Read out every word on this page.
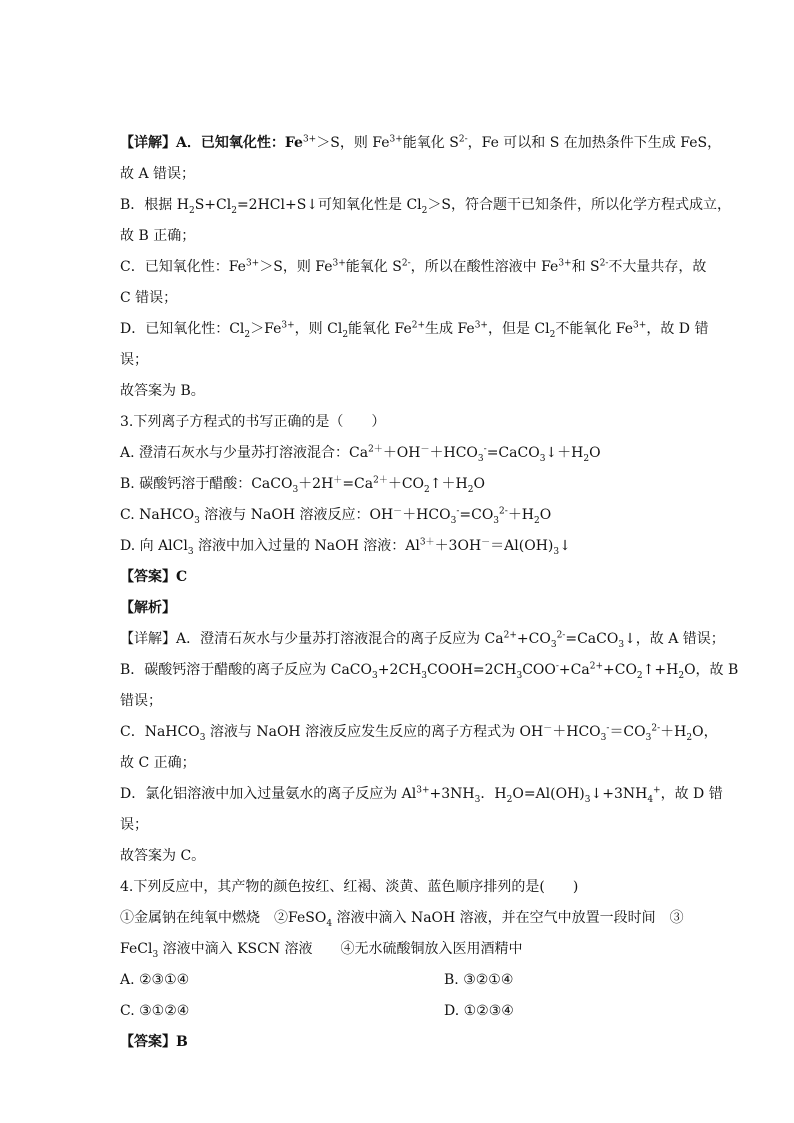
【详解】A．已知氧化性：$Fe^{3+}>S$，则 $Fe^{3+}$能氧化 $S^{2-}$，Fe 可以和 S 在加热条件下生成 FeS，
故 A 错误；
B．根据 $H_2S+Cl_2=2HCl+S↓$可知氧化性是 $Cl_2>S$，符合题干已知条件，所以化学方程式成立，
故 B 正确；
C．已知氧化性：$Fe^{3+}>S$，则 $Fe^{3+}$能氧化 $S^{2-}$，所以在酸性溶液中 $Fe^{3+}$和 $S^{2-}$不大量共存，故
C 错误；
D．已知氧化性：$Cl_2>Fe^{3+}$，则 $Cl_2$能氧化 $Fe^{2+}$生成 $Fe^{3+}$，但是 $Cl_2$不能氧化 $Fe^{3+}$，故 D 错
误；
故答案为 B。
3.下列离子方程式的书写正确的是（　　）
A. 澄清石灰水与少量苏打溶液混合：$Ca^{2+}+OH^-+HCO_3^-=CaCO_3↓+H_2O$
B. 碳酸钙溶于醋酸：$CaCO_3+2H^+=Ca^{2+}+CO_2↑+H_2O$
C. NaHCO$_3$ 溶液与 NaOH 溶液反应：$OH^-+HCO_3^-=CO_3^{2-}+H_2O$
D. 向 AlCl$_3$ 溶液中加入过量的 NaOH 溶液：$Al^{3+}+3OH^-=Al(OH)_3↓$
【答案】C
【解析】
【详解】A．澄清石灰水与少量苏打溶液混合的离子反应为 $Ca^{2+}+CO_3^{2-}=CaCO_3↓$，故 A 错误；
B．碳酸钙溶于醋酸的离子反应为 $CaCO_3+2CH_3COOH=2CH_3COO^-+Ca^{2+}+CO_2↑+H_2O$，故 B
错误；
C．NaHCO$_3$ 溶液与 NaOH 溶液反应发生反应的离子方程式为 $OH^-+HCO_3^-=CO_3^{2-}+H_2O$，
故 C 正确；
D．氯化铝溶液中加入过量氨水的离子反应为 $Al^{3+}+3NH_3$．$H_2O=Al(OH)_3↓+3NH_4^+$，故 D 错
误；
故答案为 C。
4.下列反应中，其产物的颜色按红、红褐、淡黄、蓝色顺序排列的是(　　)
①金属钠在纯氧中燃烧　②FeSO$_4$ 溶液中滴入 NaOH 溶液，并在空气中放置一段时间　③
FeCl$_3$ 溶液中滴入 KSCN 溶液　　④无水硫酸铜放入医用酒精中
A. ②③①④	B. ③②①④
C. ③①②④	D. ①②③④
【答案】B
